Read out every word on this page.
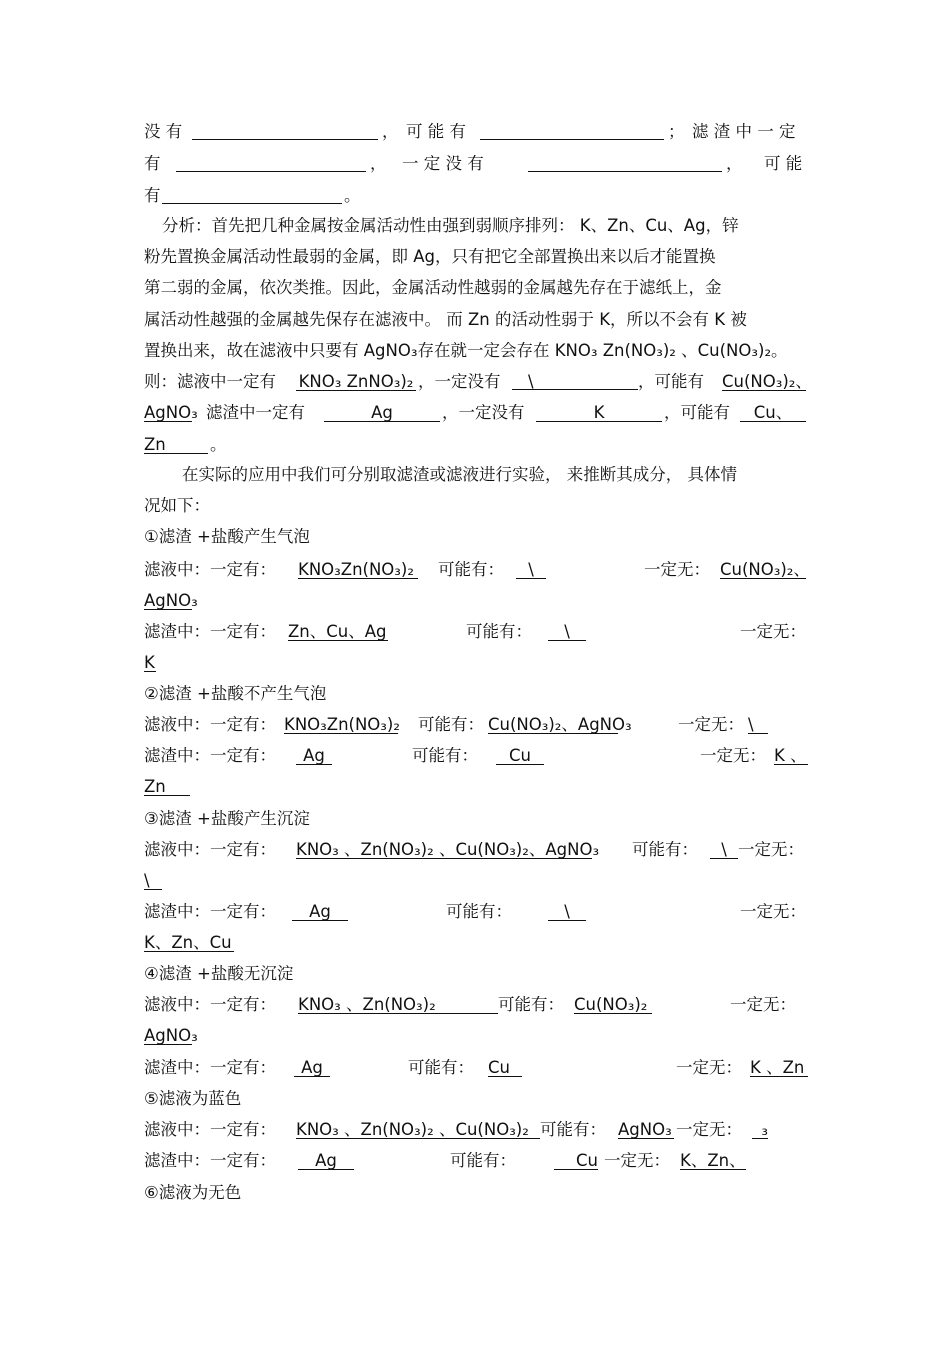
没 有	， 可 能 有	； 滤 渣 中 一 定
有	， 一 定 没 有	， 可 能
有	。
分析：首先把几种金属按金属活动性由强到弱顺序排列： K、Zn、Cu、Ag，锌
粉先置换金属活动性最弱的金属，即 Ag，只有把它全部置换出来以后才能置换
第二弱的金属，依次类推。因此，金属活动性越弱的金属越先存在于滤纸上，金
属活动性越强的金属越先保存在滤液中。 而 Zn 的活动性弱于 K，所以不会有 K 被
置换出来，故在滤液中只要有 AgNO₃存在就一定会存在 KNO₃ Zn(NO₃)₂ 、Cu(NO₃)₂。
则：滤液中一定有 KNO₃ ZnNO₃)₂ ，一定没有	\	，可能有 Cu(NO₃)₂、
AgNO₃ 滤渣中一定有	Ag	，一定没有	K	，可能有	Cu、
Zn	。
在实际的应用中我们可分别取滤渣或滤液进行实验， 来推断其成分， 具体情
况如下：
①滤渣 +盐酸产生气泡
滤液中：一定有： KNO₃Zn(NO₃)₂ 可能有：	\	一定无： Cu(NO₃)₂、
AgNO₃
滤渣中：一定有： Zn、Cu、Ag	可能有：	\	一定无：
K
②滤渣 +盐酸不产生气泡
滤液中：一定有： KNO₃Zn(NO₃)₂ 可能有： Cu(NO₃)₂、AgNO₃	一定无： \
滤渣中：一定有：	Ag	可能有：	Cu	一定无： K 、
Zn
③滤渣 +盐酸产生沉淀
滤液中：一定有： KNO₃ 、Zn(NO₃)₂ 、Cu(NO₃)₂、AgNO₃ 可能有：	\ 一定无：
\
滤渣中：一定有：	Ag	可能有：	\	一定无：
K、Zn、Cu
④滤渣 +盐酸无沉淀
滤液中：一定有： KNO₃ 、Zn(NO₃)₂	可能有： Cu(NO₃)₂	一定无：
AgNO₃
滤渣中：一定有：	Ag	可能有： Cu	一定无： K 、Zn
⑤滤液为蓝色
滤液中：一定有： KNO₃ 、Zn(NO₃)₂ 、Cu(NO₃)₂ 可能有： AgNO₃ 一定无：	₃
滤渣中：一定有：	Ag	可能有：	Cu 一定无： K、Zn、
⑥滤液为无色
